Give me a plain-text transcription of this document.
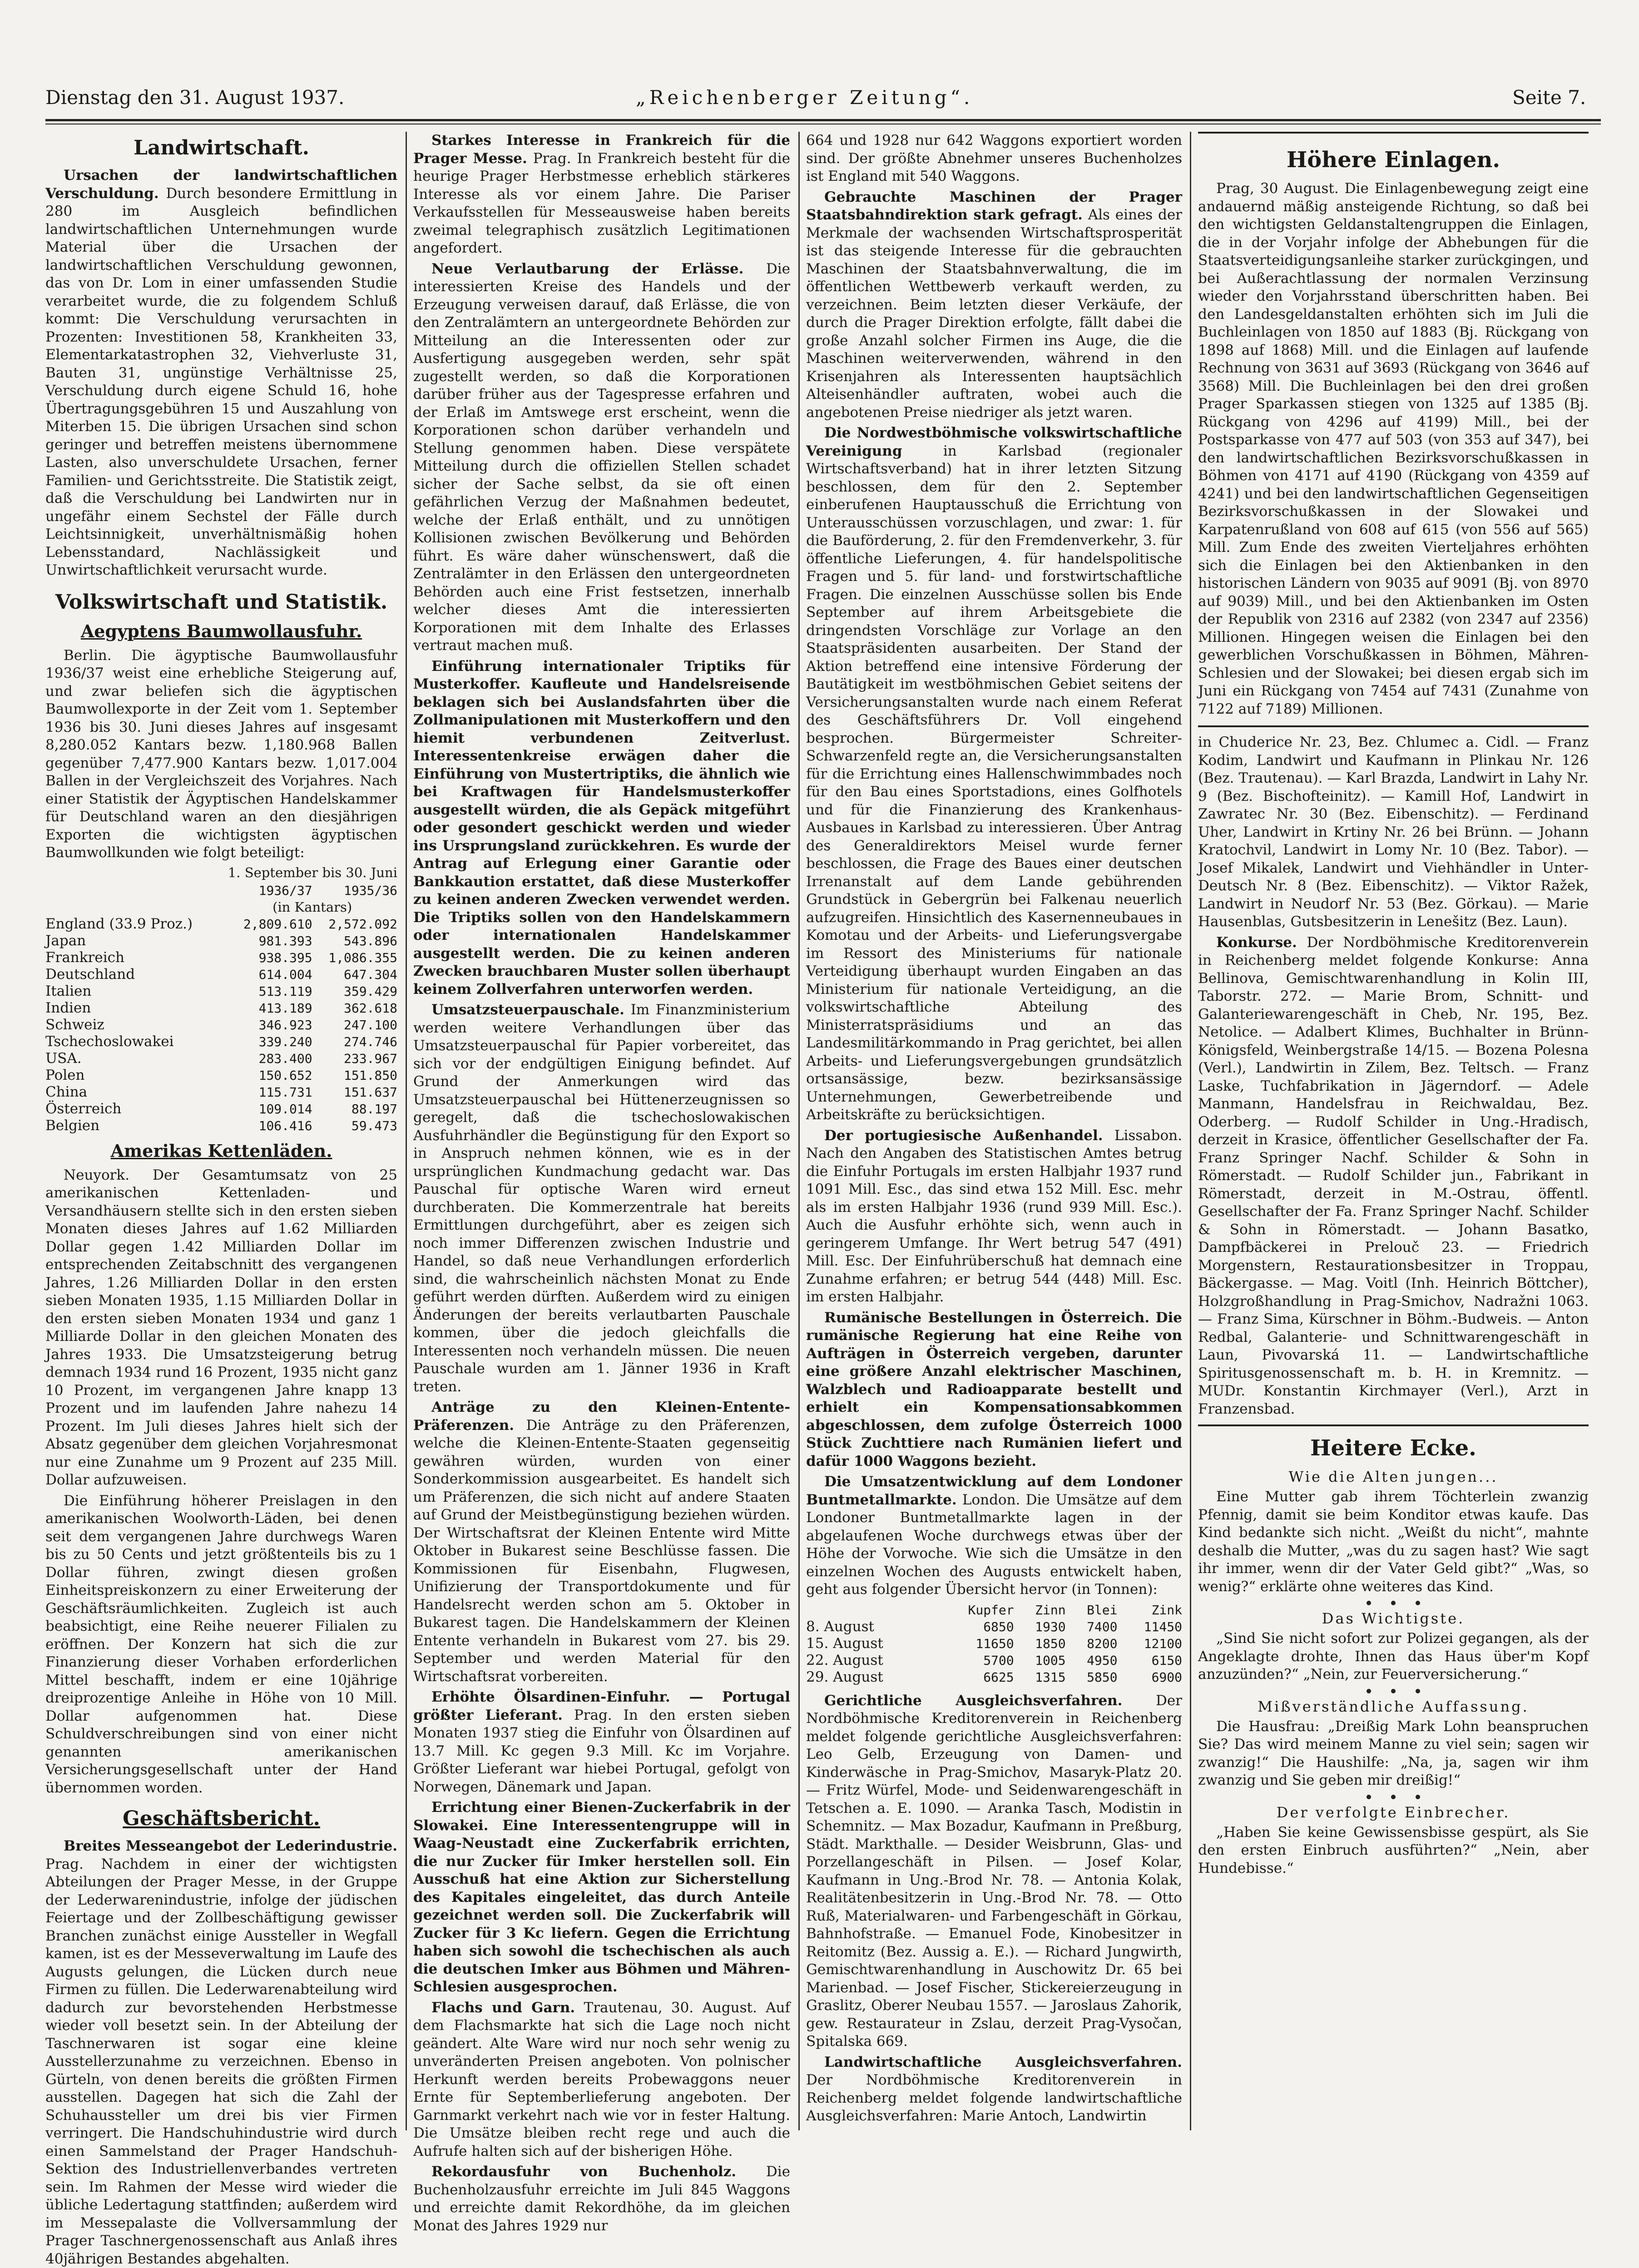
Dienstag den 31. August 1937.	„Reichenberger Zeitung“.	Seite 7.
Landwirtschaft.

Ursachen der landwirtschaftlichen Verschuldung. Durch besondere Ermittlung in 280 im Ausgleich befindlichen landwirtschaftlichen Unternehmungen wurde Material über die Ursachen der landwirtschaftlichen Verschuldung gewonnen, das von Dr. Lom in einer umfassenden Studie verarbeitet wurde, die zu folgendem Schluß kommt: Die Verschuldung verursachten in Prozenten: Investitionen 58, Krankheiten 33, Elementarkatastrophen 32, Viehverluste 31, Bauten 31, ungünstige Verhältnisse 25, Verschuldung durch eigene Schuld 16, hohe Übertragungsgebühren 15 und Auszahlung von Miterben 15. Die übrigen Ursachen sind schon geringer und betreffen meistens übernommene Lasten, also unverschuldete Ursachen, ferner Familien- und Gerichtsstreite. Die Statistik zeigt, daß die Verschuldung bei Landwirten nur in ungefähr einem Sechstel der Fälle durch Leichtsinnigkeit, unverhältnismäßig hohen Lebensstandard, Nachlässigkeit und Unwirtschaftlichkeit verursacht wurde.

Volkswirtschaft und Statistik.
Aegyptens Baumwollausfuhr.

Berlin. Die ägyptische Baumwollausfuhr 1936/37 weist eine erhebliche Steigerung auf, und zwar beliefen sich die ägyptischen Baumwollexporte in der Zeit vom 1. September 1936 bis 30. Juni dieses Jahres auf insgesamt 8,280.052 Kantars bezw. 1,180.968 Ballen gegenüber 7,477.900 Kantars bezw. 1,017.004 Ballen in der Vergleichszeit des Vorjahres. Nach einer Statistik der Ägyptischen Handelskammer für Deutschland waren an den diesjährigen Exporten die wichtigsten ägyptischen Baumwollkunden wie folgt beteiligt:

1. September bis 30. Juni
	1936/37	1935/36
	(in Kantars)	
England (33.9 Proz.)	2,809.610	2,572.092
Japan	981.393	543.896
Frankreich	938.395	1,086.355
Deutschland	614.004	647.304
Italien	513.119	359.429
Indien	413.189	362.618
Schweiz	346.923	247.100
Tschechoslowakei	339.240	274.746
USA.	283.400	233.967
Polen	150.652	151.850
China	115.731	151.637
Österreich	109.014	88.197
Belgien	106.416	59.473
Amerikas Kettenläden.

Neuyork. Der Gesamtumsatz von 25 amerikanischen Kettenladen- und Versandhäusern stellte sich in den ersten sieben Monaten dieses Jahres auf 1.62 Milliarden Dollar gegen 1.42 Milliarden Dollar im entsprechenden Zeitabschnitt des vergangenen Jahres, 1.26 Milliarden Dollar in den ersten sieben Monaten 1935, 1.15 Milliarden Dollar in den ersten sieben Monaten 1934 und ganz 1 Milliarde Dollar in den gleichen Monaten des Jahres 1933. Die Umsatzsteigerung betrug demnach 1934 rund 16 Prozent, 1935 nicht ganz 10 Prozent, im vergangenen Jahre knapp 13 Prozent und im laufenden Jahre nahezu 14 Prozent. Im Juli dieses Jahres hielt sich der Absatz gegenüber dem gleichen Vorjahresmonat nur eine Zunahme um 9 Prozent auf 235 Mill. Dollar aufzuweisen.

Die Einführung höherer Preislagen in den amerikanischen Woolworth-Läden, bei denen seit dem vergangenen Jahre durchwegs Waren bis zu 50 Cents und jetzt größtenteils bis zu 1 Dollar führen, zwingt diesen großen Einheitspreiskonzern zu einer Erweiterung der Geschäftsräumlichkeiten. Zugleich ist auch beabsichtigt, eine Reihe neuerer Filialen zu eröffnen. Der Konzern hat sich die zur Finanzierung dieser Vorhaben erforderlichen Mittel beschafft, indem er eine 10jährige dreiprozentige Anleihe in Höhe von 10 Mill. Dollar aufgenommen hat. Diese Schuldverschreibungen sind von einer nicht genannten amerikanischen Versicherungsgesellschaft unter der Hand übernommen worden.

Geschäftsbericht.

Breites Messeangebot der Lederindustrie. Prag. Nachdem in einer der wichtigsten Abteilungen der Prager Messe, in der Gruppe der Lederwarenindustrie, infolge der jüdischen Feiertage und der Zollbeschäftigung gewisser Branchen zunächst einige Aussteller in Wegfall kamen, ist es der Messeverwaltung im Laufe des Augusts gelungen, die Lücken durch neue Firmen zu füllen. Die Lederwarenabteilung wird dadurch zur bevorstehenden Herbstmesse wieder voll besetzt sein. In der Abteilung der Taschnerwaren ist sogar eine kleine Ausstellerzunahme zu verzeichnen. Ebenso in Gürteln, von denen bereits die größten Firmen ausstellen. Dagegen hat sich die Zahl der Schuhaussteller um drei bis vier Firmen verringert. Die Handschuhindustrie wird durch einen Sammelstand der Prager Handschuh-Sektion des Industriellenverbandes vertreten sein. Im Rahmen der Messe wird wieder die übliche Ledertagung stattfinden; außerdem wird im Messepalaste die Vollversammlung der Prager Taschnergenossenschaft aus Anlaß ihres 40jährigen Bestandes abgehalten.

Starkes Interesse in Frankreich für die Prager Messe. Prag. In Frankreich besteht für die heurige Prager Herbstmesse erheblich stärkeres Interesse als vor einem Jahre. Die Pariser Verkaufsstellen für Messeausweise haben bereits zweimal telegraphisch zusätzlich Legitimationen angefordert.

Neue Verlautbarung der Erlässe. Die interessierten Kreise des Handels und der Erzeugung verweisen darauf, daß Erlässe, die von den Zentralämtern an untergeordnete Behörden zur Mitteilung an die Interessenten oder zur Ausfertigung ausgegeben werden, sehr spät zugestellt werden, so daß die Korporationen darüber früher aus der Tagespresse erfahren und der Erlaß im Amtswege erst erscheint, wenn die Korporationen schon darüber verhandeln und Stellung genommen haben. Diese verspätete Mitteilung durch die offiziellen Stellen schadet sicher der Sache selbst, da sie oft einen gefährlichen Verzug der Maßnahmen bedeutet, welche der Erlaß enthält, und zu unnötigen Kollisionen zwischen Bevölkerung und Behörden führt. Es wäre daher wünschenswert, daß die Zentralämter in den Erlässen den untergeordneten Behörden auch eine Frist festsetzen, innerhalb welcher dieses Amt die interessierten Korporationen mit dem Inhalte des Erlasses vertraut machen muß.

Einführung internationaler Triptiks für Musterkoffer. Kaufleute und Handelsreisende beklagen sich bei Auslandsfahrten über die Zollmanipulationen mit Musterkoffern und den hiemit verbundenen Zeitverlust. Interessentenkreise erwägen daher die Einführung von Mustertriptiks, die ähnlich wie bei Kraftwagen für Handelsmusterkoffer ausgestellt würden, die als Gepäck mitgeführt oder gesondert geschickt werden und wieder ins Ursprungsland zurückkehren. Es wurde der Antrag auf Erlegung einer Garantie oder Bankkaution erstattet, daß diese Musterkoffer zu keinen anderen Zwecken verwendet werden. Die Triptiks sollen von den Handelskammern oder internationalen Handelskammer ausgestellt werden. Die zu keinen anderen Zwecken brauchbaren Muster sollen überhaupt keinem Zollverfahren unterworfen werden.

Umsatzsteuerpauschale. Im Finanzministerium werden weitere Verhandlungen über das Umsatzsteuerpauschal für Papier vorbereitet, das sich vor der endgültigen Einigung befindet. Auf Grund der Anmerkungen wird das Umsatzsteuerpauschal bei Hüttenerzeugnissen so geregelt, daß die tschechoslowakischen Ausfuhrhändler die Begünstigung für den Export so in Anspruch nehmen können, wie es in der ursprünglichen Kundmachung gedacht war. Das Pauschal für optische Waren wird erneut durchberaten. Die Kommerzentrale hat bereits Ermittlungen durchgeführt, aber es zeigen sich noch immer Differenzen zwischen Industrie und Handel, so daß neue Verhandlungen erforderlich sind, die wahrscheinlich nächsten Monat zu Ende geführt werden dürften. Außerdem wird zu einigen Änderungen der bereits verlautbarten Pauschale kommen, über die jedoch gleichfalls die Interessenten noch verhandeln müssen. Die neuen Pauschale wurden am 1. Jänner 1936 in Kraft treten.

Anträge zu den Kleinen-Entente-Präferenzen. Die Anträge zu den Präferenzen, welche die Kleinen-Entente-Staaten gegenseitig gewähren würden, wurden von einer Sonderkommission ausgearbeitet. Es handelt sich um Präferenzen, die sich nicht auf andere Staaten auf Grund der Meistbegünstigung beziehen würden. Der Wirtschaftsrat der Kleinen Entente wird Mitte Oktober in Bukarest seine Beschlüsse fassen. Die Kommissionen für Eisenbahn, Flugwesen, Unifizierung der Transportdokumente und für Handelsrecht werden schon am 5. Oktober in Bukarest tagen. Die Handelskammern der Kleinen Entente verhandeln in Bukarest vom 27. bis 29. September und werden Material für den Wirtschaftsrat vorbereiten.

Erhöhte Ölsardinen-Einfuhr. — Portugal größter Lieferant. Prag. In den ersten sieben Monaten 1937 stieg die Einfuhr von Ölsardinen auf 13.7 Mill. Kc gegen 9.3 Mill. Kc im Vorjahre. Größter Lieferant war hiebei Portugal, gefolgt von Norwegen, Dänemark und Japan.

Errichtung einer Bienen-Zuckerfabrik in der Slowakei. Eine Interessentengruppe will in Waag-Neustadt eine Zuckerfabrik errichten, die nur Zucker für Imker herstellen soll. Ein Ausschuß hat eine Aktion zur Sicherstellung des Kapitales eingeleitet, das durch Anteile gezeichnet werden soll. Die Zuckerfabrik will Zucker für 3 Kc liefern. Gegen die Errichtung haben sich sowohl die tschechischen als auch die deutschen Imker aus Böhmen und Mähren-Schlesien ausgesprochen.

Flachs und Garn. Trautenau, 30. August. Auf dem Flachsmarkte hat sich die Lage noch nicht geändert. Alte Ware wird nur noch sehr wenig zu unveränderten Preisen angeboten. Von polnischer Herkunft werden bereits Probewaggons neuer Ernte für Septemberlieferung angeboten. Der Garnmarkt verkehrt nach wie vor in fester Haltung. Die Umsätze bleiben recht rege und auch die Aufrufe halten sich auf der bisherigen Höhe.

Rekordausfuhr von Buchenholz. Die Buchenholzausfuhr erreichte im Juli 845 Waggons und erreichte damit Rekordhöhe, da im gleichen Monat des Jahres 1929 nur

664 und 1928 nur 642 Waggons exportiert worden sind. Der größte Abnehmer unseres Buchenholzes ist England mit 540 Waggons.

Gebrauchte Maschinen der Prager Staatsbahndirektion stark gefragt. Als eines der Merkmale der wachsenden Wirtschaftsprosperität ist das steigende Interesse für die gebrauchten Maschinen der Staatsbahnverwaltung, die im öffentlichen Wettbewerb verkauft werden, zu verzeichnen. Beim letzten dieser Verkäufe, der durch die Prager Direktion erfolgte, fällt dabei die große Anzahl solcher Firmen ins Auge, die die Maschinen weiterverwenden, während in den Krisenjahren als Interessenten hauptsächlich Alteisenhändler auftraten, wobei auch die angebotenen Preise niedriger als jetzt waren.

Die Nordwestböhmische volkswirtschaftliche Vereinigung	in Karlsbad (regionaler Wirtschaftsverband) hat in ihrer letzten Sitzung beschlossen, dem für den 2. September einberufenen Hauptausschuß die Errichtung von Unterausschüssen vorzuschlagen, und zwar: 1. für die Bauförderung, 2. für den Fremdenverkehr, 3. für öffentliche Lieferungen, 4. für handelspolitische Fragen und 5. für land- und forstwirtschaftliche Fragen. Die einzelnen Ausschüsse sollen bis Ende September auf ihrem Arbeitsgebiete die dringendsten Vorschläge zur Vorlage an den Staatspräsidenten ausarbeiten. Der Stand der Aktion betreffend eine intensive Förderung der Bautätigkeit im westböhmischen Gebiet seitens der Versicherungsanstalten wurde nach einem Referat des Geschäftsführers Dr. Voll eingehend besprochen. Bürgermeister Schreiter-Schwarzenfeld regte an, die Versicherungsanstalten für die Errichtung eines Hallenschwimmbades noch für den Bau eines Sportstadions, eines Golfhotels und für die Finanzierung des Krankenhaus-Ausbaues in Karlsbad zu interessieren. Über Antrag des Generaldirektors Meisel wurde ferner beschlossen, die Frage des Baues einer deutschen Irrenanstalt auf dem Lande gebührenden Grundstück in Gebergrün bei Falkenau neuerlich aufzugreifen. Hinsichtlich des Kasernenneubaues in Komotau und der Arbeits- und Lieferungsvergabe im Ressort des Ministeriums für nationale Verteidigung überhaupt wurden Eingaben an das Ministerium für nationale Verteidigung, an die volkswirtschaftliche Abteilung des Ministerratspräsidiums und an das Landesmilitärkommando in Prag gerichtet, bei allen Arbeits- und Lieferungsvergebungen grundsätzlich ortsansässige, bezw. bezirksansässige Unternehmungen, Gewerbetreibende und Arbeitskräfte zu berücksichtigen.

Der portugiesische Außenhandel. Lissabon. Nach den Angaben des Statistischen Amtes betrug die Einfuhr Portugals im ersten Halbjahr 1937 rund 1091 Mill. Esc., das sind etwa 152 Mill. Esc. mehr als im ersten Halbjahr 1936 (rund 939 Mill. Esc.). Auch die Ausfuhr erhöhte sich, wenn auch in geringerem Umfange. Ihr Wert betrug 547 (491) Mill. Esc. Der Einfuhrüberschuß hat demnach eine Zunahme erfahren; er betrug 544 (448) Mill. Esc. im ersten Halbjahr.

Rumänische Bestellungen in Österreich. Die rumänische Regierung hat eine Reihe von Aufträgen in Österreich vergeben, darunter eine größere Anzahl elektrischer Maschinen, Walzblech und Radioapparate bestellt und erhielt ein Kompensationsabkommen abgeschlossen, dem zufolge Österreich 1000 Stück Zuchttiere nach Rumänien liefert und dafür 1000 Waggons bezieht.

Die Umsatzentwicklung auf dem Londoner Buntmetallmarkte. London. Die Umsätze auf dem Londoner Buntmetallmarkte lagen in der abgelaufenen Woche durchwegs etwas über der Höhe der Vorwoche. Wie sich die Umsätze in den einzelnen Wochen des Augusts entwickelt haben, geht aus folgender Übersicht hervor (in Tonnen):

	Kupfer	Zinn	Blei	Zink
8. August	6850	1930	7400	11450
15. August	11650	1850	8200	12100
22. August	5700	1005	4950	6150
29. August	6625	1315	5850	6900

Gerichtliche Ausgleichsverfahren. Der Nordböhmische Kreditorenverein in Reichenberg meldet folgende gerichtliche Ausgleichsverfahren: Leo Gelb, Erzeugung von Damen- und Kinderwäsche in Prag-Smichov, Masaryk-Platz 20. — Fritz Würfel, Mode- und Seidenwarengeschäft in Tetschen a. E. 1090. — Aranka Tasch, Modistin in Schemnitz. — Max Bozadur, Kaufmann in Preßburg, Städt. Markthalle. — Desider Weisbrunn, Glas- und Porzellangeschäft in Pilsen. — Josef Kolar, Kaufmann in Ung.-Brod Nr. 78. — Antonia Kolak, Realitätenbesitzerin in Ung.-Brod Nr. 78. — Otto Ruß, Materialwaren- und Farbengeschäft in Görkau, Bahnhofstraße. — Emanuel Fode, Kinobesitzer in Reitomitz (Bez. Aussig a. E.). — Richard Jungwirth, Gemischtwarenhandlung in Auschowitz Dr. 65 bei Marienbad. — Josef Fischer, Stickereierzeugung in Graslitz, Oberer Neubau 1557. — Jaroslaus Zahorik, gew. Restaurateur in Zslau, derzeit Prag-Vysočan, Spitalska 669.

Landwirtschaftliche Ausgleichsverfahren. Der Nordböhmische Kreditorenverein in Reichenberg meldet folgende landwirtschaftliche Ausgleichsverfahren: Marie Antoch, Landwirtin

Höhere Einlagen.

Prag, 30 August. Die Einlagenbewegung zeigt eine andauernd mäßig ansteigende Richtung, so daß bei den wichtigsten Geldanstaltengruppen die Einlagen, die in der Vorjahr infolge der Abhebungen für die Staatsverteidigungsanleihe starker zurückgingen, und bei Außerachtlassung der normalen Verzinsung wieder den Vorjahrsstand überschritten haben. Bei den Landesgeldanstalten erhöhten sich im Juli die Buchleinlagen von 1850 auf 1883 (Bj. Rückgang von 1898 auf 1868) Mill. und die Einlagen auf laufende Rechnung von 3631 auf 3693 (Rückgang von 3646 auf 3568) Mill. Die Buchleinlagen bei den drei großen Prager Sparkassen stiegen von 1325 auf 1385 (Bj. Rückgang von 4296 auf 4199) Mill., bei der Postsparkasse von 477 auf 503 (von 353 auf 347), bei den landwirtschaftlichen Bezirksvorschußkassen in Böhmen von 4171 auf 4190 (Rückgang von 4359 auf 4241) und bei den landwirtschaftlichen Gegenseitigen Bezirksvorschußkassen in der Slowakei und Karpatenrußland von 608 auf 615 (von 556 auf 565) Mill. Zum Ende des zweiten Vierteljahres erhöhten sich die Einlagen bei den Aktienbanken in den historischen Ländern von 9035 auf 9091 (Bj. von 8970 auf 9039) Mill., und bei den Aktienbanken im Osten der Republik von 2316 auf 2382 (von 2347 auf 2356) Millionen. Hingegen weisen die Einlagen bei den gewerblichen Vorschußkassen in Böhmen, Mähren-Schlesien und der Slowakei; bei diesen ergab sich im Juni ein Rückgang von 7454 auf 7431 (Zunahme von 7122 auf 7189) Millionen.

in Chuderice Nr. 23, Bez. Chlumec a. Cidl. — Franz Kodim, Landwirt und Kaufmann in Plinkau Nr. 126 (Bez. Trautenau). — Karl Brazda, Landwirt in Lahy Nr. 9 (Bez. Bischofteinitz). — Kamill Hof, Landwirt in Zawratec Nr. 30 (Bez. Eibenschitz). — Ferdinand Uher, Landwirt in Krtiny Nr. 26 bei Brünn. — Johann Kratochvil, Landwirt in Lomy Nr. 10 (Bez. Tabor). — Josef Mikalek, Landwirt und Viehhändler in Unter-Deutsch Nr. 8 (Bez. Eibenschitz). — Viktor Ražek, Landwirt in Neudorf Nr. 53 (Bez. Görkau). — Marie Hausenblas, Gutsbesitzerin in Lenešitz (Bez. Laun).

Konkurse. Der Nordböhmische Kreditorenverein in Reichenberg meldet folgende Konkurse: Anna Bellinova, Gemischtwarenhandlung in Kolin III, Taborstr. 272. — Marie Brom, Schnitt- und Galanteriewarengeschäft in Cheb, Nr. 195, Bez. Netolice. — Adalbert Klimes, Buchhalter in Brünn-Königsfeld, Weinbergstraße 14/15. — Bozena Polesna (Verl.), Landwirtin in Zilem, Bez. Teltsch. — Franz Laske, Tuchfabrikation in Jägerndorf. — Adele Manmann, Handelsfrau in Reichwaldau, Bez. Oderberg. — Rudolf Schilder in Ung.-Hradisch, derzeit in Krasice, öffentlicher Gesellschafter der Fa. Franz Springer Nachf. Schilder & Sohn in Römerstadt. — Rudolf Schilder jun., Fabrikant in Römerstadt, derzeit in M.-Ostrau, öffentl. Gesellschafter der Fa. Franz Springer Nachf. Schilder & Sohn in Römerstadt. — Johann Basatko, Dampfbäckerei in Prelouč 23. — Friedrich Morgenstern, Restaurationsbesitzer in Troppau, Bäckergasse. — Mag. Voitl (Inh. Heinrich Böttcher), Holzgroßhandlung in Prag-Smichov, Nadražni 1063. — Franz Sima, Kürschner in Böhm.-Budweis. — Anton Redbal, Galanterie- und Schnittwarengeschäft in Laun, Pivovarská 11. — Landwirtschaftliche Spiritusgenossenschaft m. b. H. in Kremnitz. — MUDr. Konstantin Kirchmayer (Verl.), Arzt in Franzensbad.

Heitere Ecke.
Wie die Alten jungen...

Eine Mutter gab ihrem Töchterlein zwanzig Pfennig, damit sie beim Konditor etwas kaufe. Das Kind bedankte sich nicht. „Weißt du nicht“, mahnte deshalb die Mutter, „was du zu sagen hast? Wie sagt ihr immer, wenn dir der Vater Geld gibt?“ „Was, so wenig?“ erklärte ohne weiteres das Kind.

Das Wichtigste.

„Sind Sie nicht sofort zur Polizei gegangen, als der Angeklagte drohte, Ihnen das Haus über'm Kopf anzuzünden?“ „Nein, zur Feuerversicherung.“

Mißverständliche Auffassung.

Die Hausfrau: „Dreißig Mark Lohn beanspruchen Sie? Das wird meinem Manne zu viel sein; sagen wir zwanzig!“ Die Haushilfe: „Na, ja, sagen wir ihm zwanzig und Sie geben mir dreißig!“

Der verfolgte Einbrecher.

„Haben Sie keine Gewissensbisse gespürt, als Sie den ersten Einbruch ausführten?“ „Nein, aber Hundebisse.“
